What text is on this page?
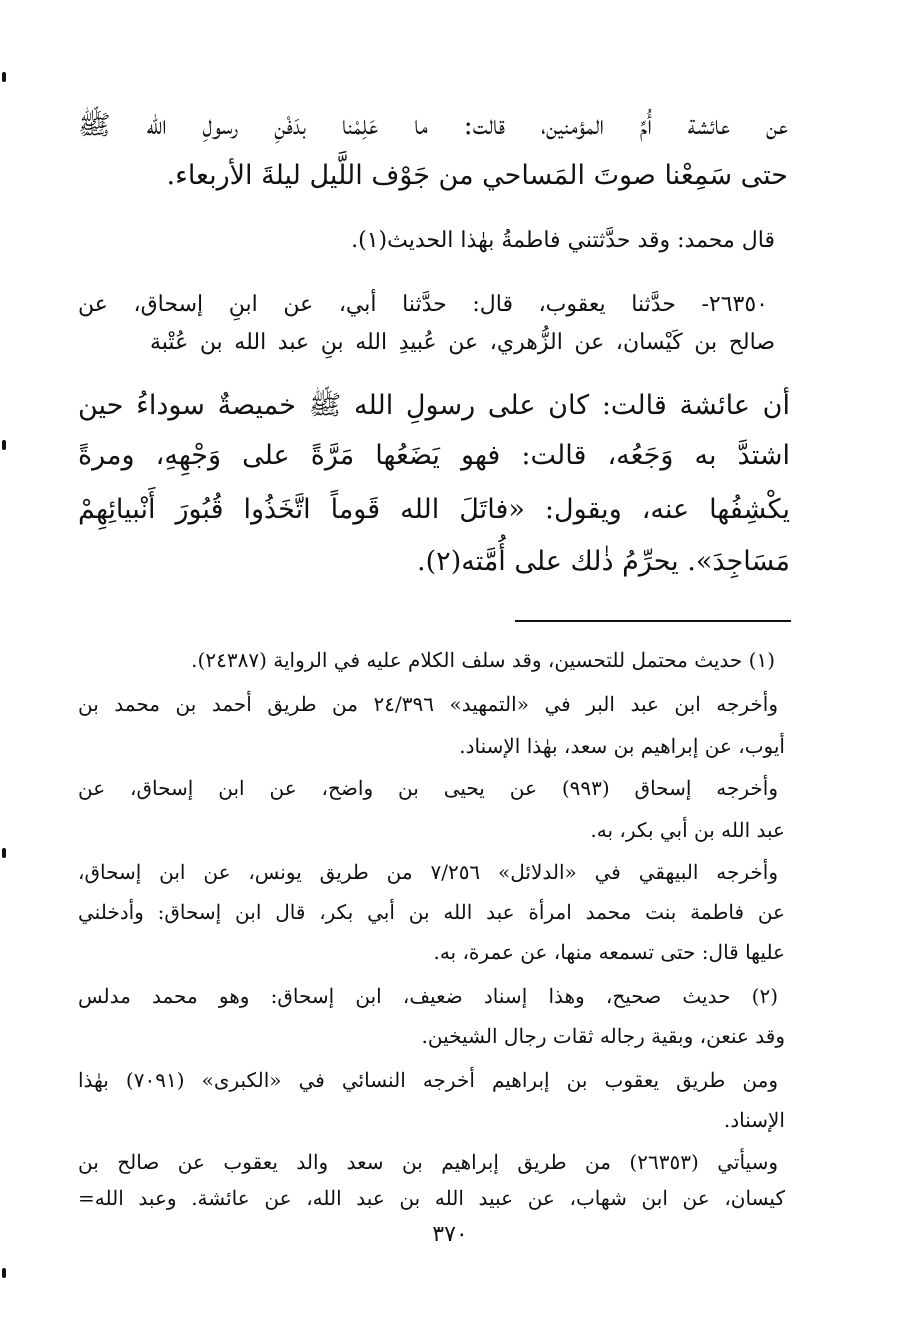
عن عائشة أُمِّ المؤمنين، قالت: ما عَلِمْنا بدَفْنِ رسولِ الله ﷺ
حتى سَمِعْنا صوتَ المَساحي من جَوْف اللَّيل ليلةَ الأربعاء.
قال محمد: وقد حدَّثتني فاطمةُ بهٰذا الحديث(١).
٢٦٣٥٠- حدَّثنا يعقوب، قال: حدَّثنا أبي، عن ابنِ إسحاق، عن
صالح بن كَيْسان، عن الزُّهري، عن عُبيدِ الله بنِ عبد الله بن عُتْبة
أن عائشة قالت: كان على رسولِ الله ﷺ خميصةٌ سوداءُ حين
اشتدَّ به وَجَعُه، قالت: فهو يَضَعُها مَرَّةً على وَجْهِهِ، ومرةً
يكْشِفُها عنه، ويقول: «فاتَلَ الله قَوماً اتَّخَذُوا قُبُورَ أَنْبيائِهِمْ
مَسَاجِدَ». يحرِّمُ ذٰلك على أُمَّته(٢).
(١) حديث محتمل للتحسين، وقد سلف الكلام عليه في الرواية (٢٤٣٨٧).
وأخرجه ابن عبد البر في «التمهيد» ٢٤/٣٩٦ من طريق أحمد بن محمد بن
أيوب، عن إبراهيم بن سعد، بهٰذا الإسناد.
وأخرجه إسحاق (٩٩٣) عن يحيى بن واضح، عن ابن إسحاق، عن
عبد الله بن أبي بكر، به.
وأخرجه البيهقي في «الدلائل» ٧/٢٥٦ من طريق يونس، عن ابن إسحاق،
عن فاطمة بنت محمد امرأة عبد الله بن أبي بكر، قال ابن إسحاق: وأدخلني
عليها قال: حتى تسمعه منها، عن عمرة، به.
(٢) حديث صحيح، وهذا إسناد ضعيف، ابن إسحاق: وهو محمد مدلس
وقد عنعن، وبقية رجاله ثقات رجال الشيخين.
ومن طريق يعقوب بن إبراهيم أخرجه النسائي في «الكبرى» (٧٠٩١) بهٰذا
الإسناد.
وسيأتي (٢٦٣٥٣) من طريق إبراهيم بن سعد والد يعقوب عن صالح بن
كيسان، عن ابن شهاب، عن عبيد الله بن عبد الله، عن عائشة. وعبد الله=
٣٧٠
